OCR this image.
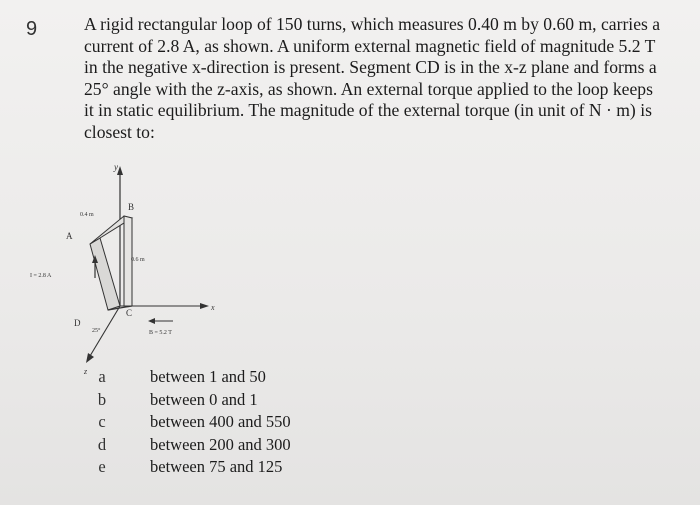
9	A rigid rectangular loop of 150 turns, which measures 0.40 m by 0.60 m, carries a
current of 2.8 A, as shown. A uniform external magnetic field of magnitude 5.2 T
in the negative x-direction is present. Segment CD is in the x-z plane and forms a
25° angle with the z-axis, as shown. An external torque applied to the loop keeps
it in static equilibrium. The magnitude of the external torque (in unit of N · m) is
closest to:
y
x
z
A
B
C
D
0.4 m
0.6 m
I = 2.8 A
B = 5.2 T
25°
a	between 1 and 50
b	between 0 and 1
c	between 400 and 550
d	between 200 and 300
e	between 75 and 125
